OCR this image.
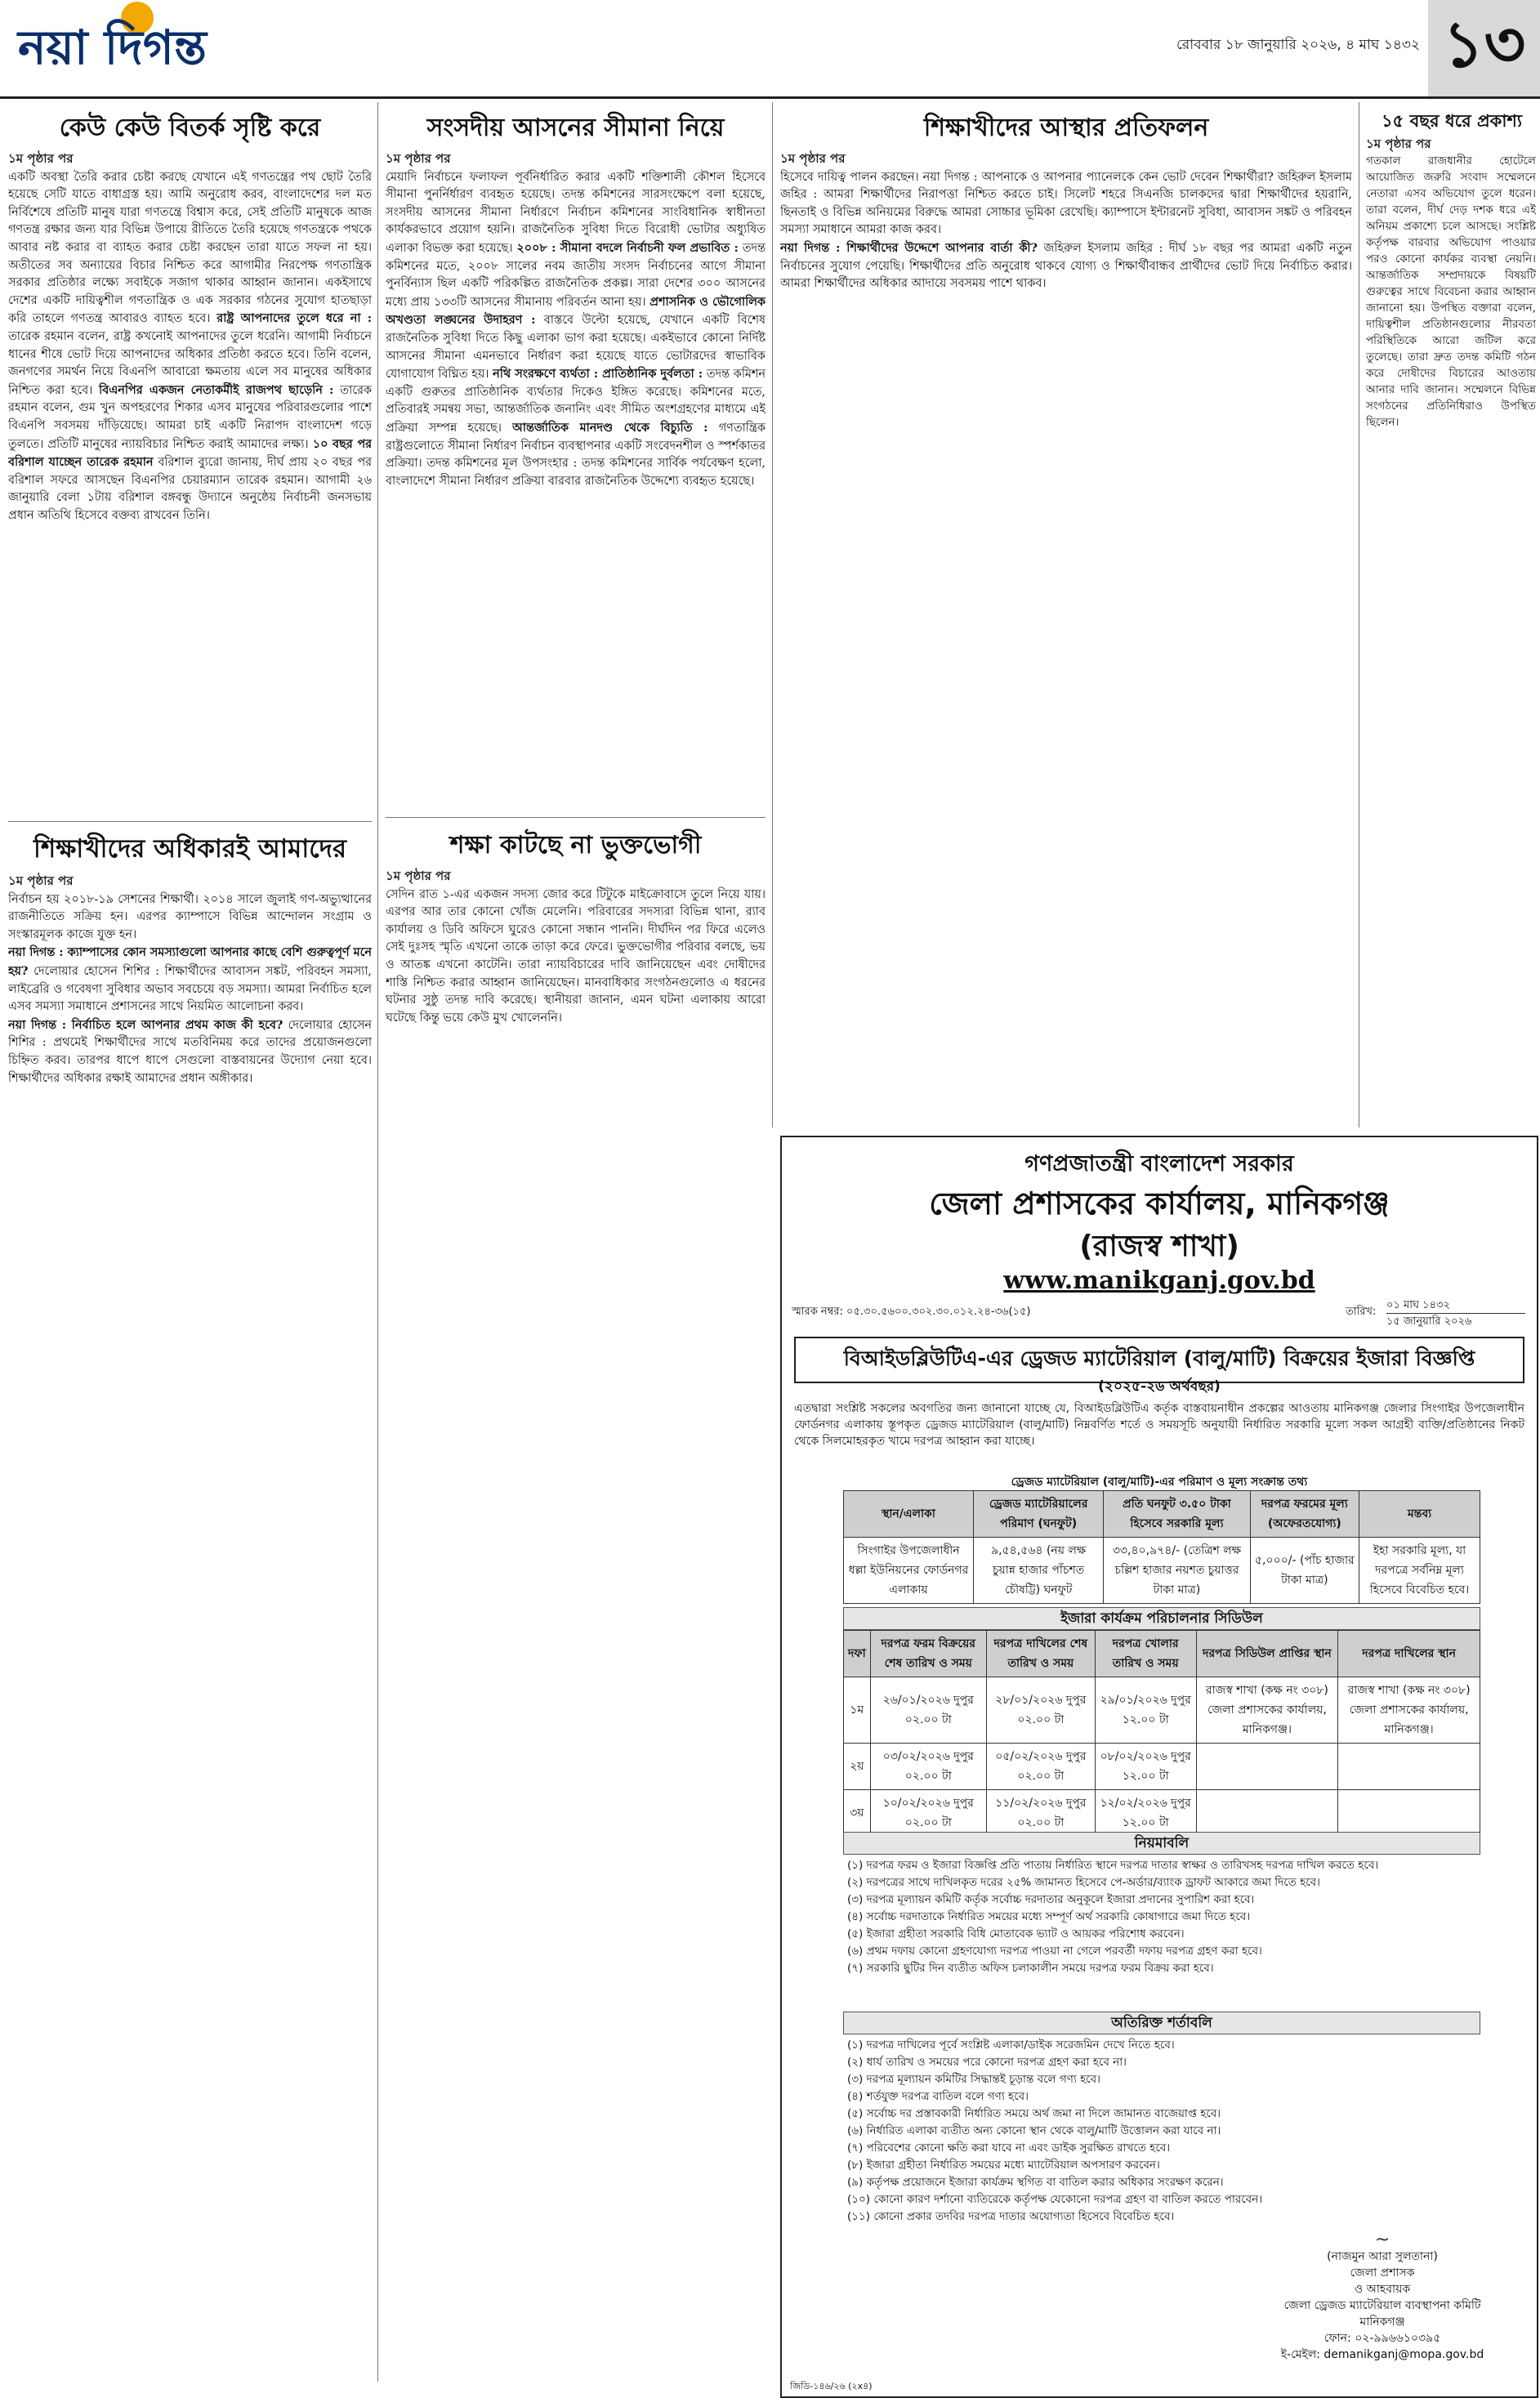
নয়া দিগন্ত	রোববার ১৮ জানুয়ারি ২০২৬, ৪ মাঘ ১৪৩২ ১৩
কেউ কেউ বিতর্ক সৃষ্টি করে
১ম পৃষ্ঠার পর
একটি অবস্থা তৈরি করার চেষ্টা করছে যেখানে এই গণতন্ত্রের পথ ছোট তৈরি হয়েছে সেটি যাতে বাধাগ্রস্ত হয়। আমি অনুরোধ করব, বাংলাদেশের দল মত নির্বিশেষে প্রতিটি মানুষ যারা গণতন্ত্রে বিশ্বাস করে, সেই প্রতিটি মানুষকে আজ গণতন্ত্র রক্ষার জন্য যার বিভিন্ন উপায়ে রীতিতে তৈরি হয়েছে গণতন্ত্রকে পথকে আবার নষ্ট করার বা ব্যাহত করার চেষ্টা করছেন তারা যাতে সফল না হয়। অতীতের সব অন্যায়ের বিচার নিশ্চিত করে আগামীর নিরপেক্ষ গণতান্ত্রিক সরকার প্রতিষ্ঠার লক্ষ্যে সবাইকে সজাগ থাকার আহ্বান জানান। একইসাথে দেশের একটি দায়িত্বশীল গণতান্ত্রিক ও এক সরকার গঠনের সুযোগ হাতছাড়া করি তাহলে গণতন্ত্র আবারও ব্যাহত হবে। রাষ্ট্র আপনাদের তুলে ধরে না : তারেক রহমান বলেন, রাষ্ট্র কখনোই আপনাদের তুলে ধরেনি। আগামী নির্বাচনে ধানের শীষে ভোট দিয়ে আপনাদের অধিকার প্রতিষ্ঠা করতে হবে। তিনি বলেন, জনগণের সমর্থন নিয়ে বিএনপি আবারো ক্ষমতায় এলে সব মানুষের অধিকার নিশ্চিত করা হবে। বিএনপির একজন নেতাকর্মীই রাজপথ ছাড়েনি : তারেক রহমান বলেন, গুম খুন অপহরণের শিকার এসব মানুষের পরিবারগুলোর পাশে বিএনপি সবসময় দাঁড়িয়েছে। আমরা চাই একটি নিরাপদ বাংলাদেশ গড়ে তুলতে। প্রতিটি মানুষের ন্যায়বিচার নিশ্চিত করাই আমাদের লক্ষ্য। ১০ বছর পর বরিশাল যাচ্ছেন তারেক রহমান বরিশাল ব্যুরো জানায়, দীর্ঘ প্রায় ২০ বছর পর বরিশাল সফরে আসছেন বিএনপির চেয়ারম্যান তারেক রহমান। আগামী ২৬ জানুয়ারি বেলা ১টায় বরিশাল বঙ্গবন্ধু উদ্যানে অনুষ্ঠেয় নির্বাচনী জনসভায় প্রধান অতিথি হিসেবে বক্তব্য রাখবেন তিনি।
শিক্ষাখীদের অধিকারই আমাদের
১ম পৃষ্ঠার পর
নির্বাচন হয় ২০১৮-১৯ সেশনের শিক্ষার্থী। ২০১৪ সালে জুলাই গণ-অভ্যুত্থানের রাজনীতিতে সক্রিয় হন। এরপর ক্যাম্পাসে বিভিন্ন আন্দোলন সংগ্রাম ও সংস্কারমূলক কাজে যুক্ত হন।
নয়া দিগন্ত : ক্যাম্পাসের কোন সমস্যাগুলো আপনার কাছে বেশি গুরুত্বপূর্ণ মনে হয়? দেলোয়ার হোসেন শিশির : শিক্ষার্থীদের আবাসন সঙ্কট, পরিবহন সমস্যা, লাইব্রেরি ও গবেষণা সুবিধার অভাব সবচেয়ে বড় সমস্যা। আমরা নির্বাচিত হলে এসব সমস্যা সমাধানে প্রশাসনের সাথে নিয়মিত আলোচনা করব।
নয়া দিগন্ত : নির্বাচিত হলে আপনার প্রথম কাজ কী হবে? দেলোয়ার হোসেন শিশির : প্রথমেই শিক্ষার্থীদের সাথে মতবিনিময় করে তাদের প্রয়োজনগুলো চিহ্নিত করব। তারপর ধাপে ধাপে সেগুলো বাস্তবায়নের উদ্যোগ নেয়া হবে। শিক্ষার্থীদের অধিকার রক্ষাই আমাদের প্রধান অঙ্গীকার।
সংসদীয় আসনের সীমানা নিয়ে
১ম পৃষ্ঠার পর
মেয়াদি নির্বাচনে ফলাফল পূর্বনির্ধারিত করার একটি শক্তিশালী কৌশল হিসেবে সীমানা পুনর্নির্ধারণ ব্যবহৃত হয়েছে। তদন্ত কমিশনের সারসংক্ষেপে বলা হয়েছে, সংসদীয় আসনের সীমানা নির্ধারণে নির্বাচন কমিশনের সাংবিধানিক স্বাধীনতা কার্যকরভাবে প্রয়োগ হয়নি। রাজনৈতিক সুবিধা দিতে বিরোধী ভোটার অধ্যুষিত এলাকা বিভক্ত করা হয়েছে। ২০০৮ : সীমানা বদলে নির্বাচনী ফল প্রভাবিত : তদন্ত কমিশনের মতে, ২০০৮ সালের নবম জাতীয় সংসদ নির্বাচনের আগে সীমানা পুনর্বিন্যাস ছিল একটি পরিকল্পিত রাজনৈতিক প্রকল্প। সারা দেশের ৩০০ আসনের মধ্যে প্রায় ১৩৩টি আসনের সীমানায় পরিবর্তন আনা হয়। প্রশাসনিক ও ভৌগোলিক অখণ্ডতা লঙ্ঘনের উদাহরণ : বাস্তবে উল্টো হয়েছে, যেখানে একটি বিশেষ রাজনৈতিক সুবিধা দিতে কিছু এলাকা ভাগ করা হয়েছে। একইভাবে কোনো নির্দিষ্ট আসনের সীমানা এমনভাবে নির্ধারণ করা হয়েছে যাতে ভোটারদের স্বাভাবিক যোগাযোগ বিঘ্নিত হয়। নথি সংরক্ষণে ব্যর্থতা : প্রাতিষ্ঠানিক দুর্বলতা : তদন্ত কমিশন একটি গুরুতর প্রাতিষ্ঠানিক ব্যর্থতার দিকেও ইঙ্গিত করেছে। কমিশনের মতে, প্রতিবারই সমন্বয় সভা, আন্তর্জাতিক জনানিং এবং সীমিত অংশগ্রহণের মাধ্যমে এই প্রক্রিয়া সম্পন্ন হয়েছে। আন্তর্জাতিক মানদণ্ড থেকে বিচ্যুতি : গণতান্ত্রিক রাষ্ট্রগুলোতে সীমানা নির্ধারণ নির্বাচন ব্যবস্থাপনার একটি সংবেদনশীল ও স্পর্শকাতর প্রক্রিয়া। তদন্ত কমিশনের মূল উপসংহার : তদন্ত কমিশনের সার্বিক পর্যবেক্ষণ হলো, বাংলাদেশে সীমানা নির্ধারণ প্রক্রিয়া বারবার রাজনৈতিক উদ্দেশ্যে ব্যবহৃত হয়েছে।
শক্ষা কাটছে না ভুক্তভোগী
১ম পৃষ্ঠার পর
সেদিন রাত ১-এর একজন সদস্য জোর করে টিটুকে মাইক্রোবাসে তুলে নিয়ে যায়। এরপর আর তার কোনো খোঁজ মেলেনি। পরিবারের সদস্যরা বিভিন্ন থানা, র‍্যাব কার্যালয় ও ডিবি অফিসে ঘুরেও কোনো সন্ধান পাননি। দীর্ঘদিন পর ফিরে এলেও সেই দুঃসহ স্মৃতি এখনো তাকে তাড়া করে ফেরে। ভুক্তভোগীর পরিবার বলছে, ভয় ও আতঙ্ক এখনো কাটেনি। তারা ন্যায়বিচারের দাবি জানিয়েছেন এবং দোষীদের শাস্তি নিশ্চিত করার আহ্বান জানিয়েছেন। মানবাধিকার সংগঠনগুলোও এ ধরনের ঘটনার সুষ্ঠু তদন্ত দাবি করেছে। স্থানীয়রা জানান, এমন ঘটনা এলাকায় আরো ঘটেছে কিন্তু ভয়ে কেউ মুখ খোলেননি।
শিক্ষাখীদের আস্থার প্রতিফলন
১ম পৃষ্ঠার পর
হিসেবে দায়িত্ব পালন করছেন। নয়া দিগন্ত : আপনাকে ও আপনার প্যানেলকে কেন ভোট দেবেন শিক্ষার্থীরা? জহিরুল ইসলাম জহির : আমরা শিক্ষার্থীদের নিরাপত্তা নিশ্চিত করতে চাই। সিলেট শহরে সিএনজি চালকদের দ্বারা শিক্ষার্থীদের হয়রানি, ছিনতাই ও বিভিন্ন অনিয়মের বিরুদ্ধে আমরা সোচ্চার ভূমিকা রেখেছি। ক্যাম্পাসে ইন্টারনেট সুবিধা, আবাসন সঙ্কট ও পরিবহন সমস্যা সমাধানে আমরা কাজ করব।
নয়া দিগন্ত : শিক্ষার্থীদের উদ্দেশে আপনার বার্তা কী? জহিরুল ইসলাম জহির : দীর্ঘ ১৮ বছর পর আমরা একটি নতুন নির্বাচনের সুযোগ পেয়েছি। শিক্ষার্থীদের প্রতি অনুরোধ থাকবে যোগ্য ও শিক্ষার্থীবান্ধব প্রার্থীদের ভোট দিয়ে নির্বাচিত করার। আমরা শিক্ষার্থীদের অধিকার আদায়ে সবসময় পাশে থাকব।
১৫ বছর ধরে প্রকাশ্য
১ম পৃষ্ঠার পর
গতকাল রাজধানীর হোটেলে আয়োজিত জরুরি সংবাদ সম্মেলনে নেতারা এসব অভিযোগ তুলে ধরেন। তারা বলেন, দীর্ঘ দেড় দশক ধরে এই অনিয়ম প্রকাশ্যে চলে আসছে। সংশ্লিষ্ট কর্তৃপক্ষ বারবার অভিযোগ পাওয়ার পরও কোনো কার্যকর ব্যবস্থা নেয়নি। আন্তর্জাতিক সম্প্রদায়কে বিষয়টি গুরুত্বের সাথে বিবেচনা করার আহ্বান জানানো হয়। উপস্থিত বক্তারা বলেন, দায়িত্বশীল প্রতিষ্ঠানগুলোর নীরবতা পরিস্থিতিকে আরো জটিল করে তুলেছে। তারা দ্রুত তদন্ত কমিটি গঠন করে দোষীদের বিচারের আওতায় আনার দাবি জানান। সম্মেলনে বিভিন্ন সংগঠনের প্রতিনিধিরাও উপস্থিত ছিলেন।
গণপ্রজাতন্ত্রী বাংলাদেশ সরকার
জেলা প্রশাসকের কার্যালয়, মানিকগঞ্জ
(রাজস্ব শাখা)
www.manikganj.gov.bd
স্মারক নম্বর: ০৫.৩০.৫৬০০.৩০২.৩০.০১২.২৪-৩৬(১৫)	তারিখ:
০১ মাঘ ১৪৩২
১৫ জানুয়ারি ২০২৬
বিআইডব্লিউটিএ-এর ড্রেজড ম্যাটেরিয়াল (বালু/মাটি) বিক্রয়ের ইজারা বিজ্ঞপ্তি
(২০২৫-২৬ অর্থবছর)
এতদ্বারা সংশ্লিষ্ট সকলের অবগতির জন্য জানানো যাচ্ছে যে, বিআইডব্লিউটিএ কর্তৃক বাস্তবায়নাধীন প্রকল্পের আওতায় মানিকগঞ্জ জেলার সিংগাইর উপজেলাধীন ফোর্ডনগর এলাকায় স্তূপকৃত ড্রেজড ম্যাটেরিয়াল (বালু/মাটি) নিম্নবর্ণিত শর্তে ও সময়সূচি অনুযায়ী নির্ধারিত সরকারি মূল্যে সকল আগ্রহী ব্যক্তি/প্রতিষ্ঠানের নিকট থেকে সিলমোহরকৃত খামে দরপত্র আহ্বান করা যাচ্ছে।
ড্রেজড ম্যাটেরিয়াল (বালু/মাটি)-এর পরিমাণ ও মূল্য সংক্রান্ত তথ্য
স্থান/এলাকা	ড্রেজড ম্যাটেরিয়ালের পরিমাণ (ঘনফুট)	প্রতি ঘনফুট ৩.৫০ টাকা হিসেবে সরকারি মূল্য	দরপত্র ফরমের মূল্য (অফেরতযোগ্য)	মন্তব্য
সিংগাইর উপজেলাধীন ধল্লা ইউনিয়নের ফোর্ডনগর এলাকায়	৯,৫৪,৫৬৪ (নয় লক্ষ চুয়ান্ন হাজার পাঁচশত চৌষট্টি) ঘনফুট	৩৩,৪০,৯৭৪/- (তেত্রিশ লক্ষ চল্লিশ হাজার নয়শত চুয়াত্তর টাকা মাত্র)	৫,০০০/- (পাঁচ হাজার টাকা মাত্র)	ইহা সরকারি মূল্য, যা দরপত্রে সর্বনিম্ন মূল্য হিসেবে বিবেচিত হবে।
ইজারা কার্যক্রম পরিচালনার সিডিউল
দফা	দরপত্র ফরম বিক্রয়ের শেষ তারিখ ও সময়	দরপত্র দাখিলের শেষ তারিখ ও সময়	দরপত্র খোলার তারিখ ও সময়	দরপত্র সিডিউল প্রাপ্তির স্থান	দরপত্র দাখিলের স্থান
১ম	২৬/০১/২০২৬ দুপুর ০২.০০ টা	২৮/০১/২০২৬ দুপুর ০২.০০ টা	২৯/০১/২০২৬ দুপুর ১২.০০ টা	রাজস্ব শাখা (কক্ষ নং ৩০৮) জেলা প্রশাসকের কার্যালয়, মানিকগঞ্জ।	রাজস্ব শাখা (কক্ষ নং ৩০৮) জেলা প্রশাসকের কার্যালয়, মানিকগঞ্জ।
২য়	০৩/০২/২০২৬ দুপুর ০২.০০ টা	০৫/০২/২০২৬ দুপুর ০২.০০ টা	০৮/০২/২০২৬ দুপুর ১২.০০ টা		
৩য়	১০/০২/২০২৬ দুপুর ০২.০০ টা	১১/০২/২০২৬ দুপুর ০২.০০ টা	১২/০২/২০২৬ দুপুর ১২.০০ টা		
নিয়মাবলি
(১) দরপত্র ফরম ও ইজারা বিজ্ঞপ্তি প্রতি পাতায় নির্ধারিত স্থানে দরপত্র দাতার স্বাক্ষর ও তারিখসহ দরপত্র দাখিল করতে হবে।
(২) দরপত্রের সাথে দাখিলকৃত দরের ২৫% জামানত হিসেবে পে-অর্ডার/ব্যাংক ড্রাফট আকারে জমা দিতে হবে।
(৩) দরপত্র মূল্যায়ন কমিটি কর্তৃক সর্বোচ্চ দরদাতার অনুকূলে ইজারা প্রদানের সুপারিশ করা হবে।
(৪) সর্বোচ্চ দরদাতাকে নির্ধারিত সময়ের মধ্যে সম্পূর্ণ অর্থ সরকারি কোষাগারে জমা দিতে হবে।
(৫) ইজারা গ্রহীতা সরকারি বিধি মোতাবেক ভ্যাট ও আয়কর পরিশোধ করবেন।
(৬) প্রথম দফায় কোনো গ্রহণযোগ্য দরপত্র পাওয়া না গেলে পরবর্তী দফায় দরপত্র গ্রহণ করা হবে।
(৭) সরকারি ছুটির দিন ব্যতীত অফিস চলাকালীন সময়ে দরপত্র ফরম বিক্রয় করা হবে।
অতিরিক্ত শর্তাবলি
(১) দরপত্র দাখিলের পূর্বে সংশ্লিষ্ট এলাকা/ডাইক সরেজমিন দেখে নিতে হবে।
(২) ধার্য তারিখ ও সময়ের পরে কোনো দরপত্র গ্রহণ করা হবে না।
(৩) দরপত্র মূল্যায়ন কমিটির সিদ্ধান্তই চূড়ান্ত বলে গণ্য হবে।
(৪) শর্তযুক্ত দরপত্র বাতিল বলে গণ্য হবে।
(৫) সর্বোচ্চ দর প্রস্তাবকারী নির্ধারিত সময়ে অর্থ জমা না দিলে জামানত বাজেয়াপ্ত হবে।
(৬) নির্ধারিত এলাকা ব্যতীত অন্য কোনো স্থান থেকে বালু/মাটি উত্তোলন করা যাবে না।
(৭) পরিবেশের কোনো ক্ষতি করা যাবে না এবং ডাইক সুরক্ষিত রাখতে হবে।
(৮) ইজারা গ্রহীতা নির্ধারিত সময়ের মধ্যে ম্যাটেরিয়াল অপসারণ করবেন।
(৯) কর্তৃপক্ষ প্রয়োজনে ইজারা কার্যক্রম স্থগিত বা বাতিল করার অধিকার সংরক্ষণ করেন।
(১০) কোনো কারণ দর্শানো ব্যতিরেকে কর্তৃপক্ষ যেকোনো দরপত্র গ্রহণ বা বাতিল করতে পারবেন।
(১১) কোনো প্রকার তদবির দরপত্র দাতার অযোগ্যতা হিসেবে বিবেচিত হবে।
~
(নাজমুন আরা সুলতানা)
জেলা প্রশাসক
ও আহবায়ক
জেলা ড্রেজড ম্যাটেরিয়াল ব্যবস্থাপনা কমিটি
মানিকগঞ্জ
ফোন: ০২-৯৯৬৬১০৩৯৫
ই-মেইল: demanikganj@mopa.gov.bd
জিডি-১৪৬/২৬ (২x৪)
